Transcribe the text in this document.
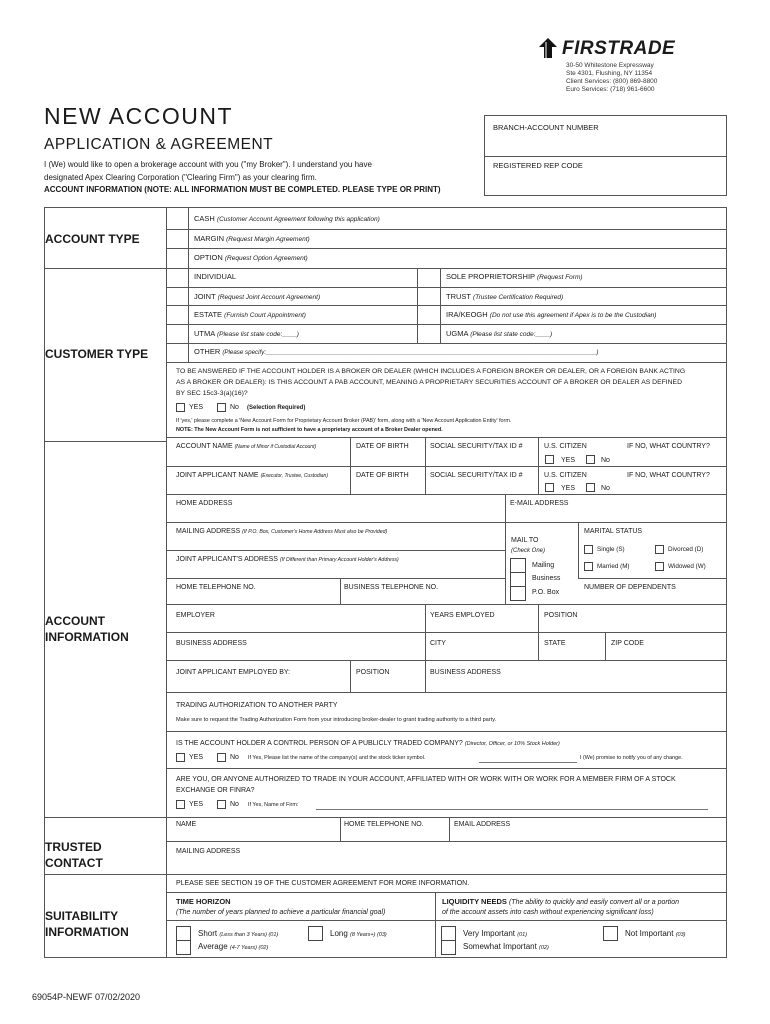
FIRSTRADE
30-50 Whitestone Expressway
Ste 4301, Flushing, NY 11354
Client Services: (800) 869-8800
Euro Services: (718) 961-6600
NEW ACCOUNT
APPLICATION & AGREEMENT
I (We) would like to open a brokerage account with you ("my Broker"). I understand you have
designated Apex Clearing Corporation ("Clearing Firm") as your clearing firm.
ACCOUNT INFORMATION (NOTE: ALL INFORMATION MUST BE COMPLETED. PLEASE TYPE OR PRINT)
BRANCH-ACCOUNT NUMBER
REGISTERED REP CODE
ACCOUNT TYPE
CUSTOMER TYPE
ACCOUNT
INFORMATION
TRUSTED
CONTACT
SUITABILITY
INFORMATION
CASH (Customer Account Agreement following this application)
MARGIN (Request Margin Agreement)
OPTION (Request Option Agreement)
INDIVIDUAL	SOLE PROPRIETORSHIP (Request Form)
JOINT (Request Joint Account Agreement)	TRUST (Trustee Certification Required)
ESTATE (Furnish Court Appointment)	IRA/KEOGH (Do not use this agreement if Apex is to be the Custodian)
UTMA (Please list state code:____)	UGMA (Please list state code:____)
OTHER (Please specify:________________________________________________________________________________________________)
TO BE ANSWERED IF THE ACCOUNT HOLDER IS A BROKER OR DEALER (WHICH INCLUDES A FOREIGN BROKER OR DEALER, OR A FOREIGN BANK ACTING
AS A BROKER OR DEALER): IS THIS ACCOUNT A PAB ACCOUNT, MEANING A PROPRIETARY SECURITIES ACCOUNT OF A BROKER OR DEALER AS DEFINED
BY SEC 15c3-3(a)(16)?
YES	No (Selection Required)
If 'yes,' please complete a 'New Account Form for Proprietary Account Broker (PAB)' form, along with a 'New Account Application Entity' form.
NOTE: The New Account Form is not sufficient to have a proprietary account of a Broker Dealer opened.
ACCOUNT NAME (Name of Minor if Custodial Account)	DATE OF BIRTH	SOCIAL SECURITY/TAX ID #	U.S. CITIZEN	IF NO, WHAT COUNTRY?
YES	No
JOINT APPLICANT NAME (Executor, Trustee, Custodian)	DATE OF BIRTH	SOCIAL SECURITY/TAX ID #	U.S. CITIZEN	IF NO, WHAT COUNTRY?
YES	No
HOME ADDRESS	E-MAIL ADDRESS
MAILING ADDRESS (If P.O. Box, Customer's Home Address Must also be Provided)
JOINT APPLICANT'S ADDRESS (If Different than Primary Account Holder's Address)
HOME TELEPHONE NO.	BUSINESS TELEPHONE NO.
MAIL TO
(Check One)
Mailing
Business
P.O. Box
MARITAL STATUS
Single (S)	Divorced (D)
Married (M)	Widowed (W)
NUMBER OF DEPENDENTS
EMPLOYER	YEARS EMPLOYED	POSITION
BUSINESS ADDRESS	CITY	STATE	ZIP CODE
JOINT APPLICANT EMPLOYED BY:	POSITION	BUSINESS ADDRESS
TRADING AUTHORIZATION TO ANOTHER PARTY
Make sure to request the Trading Authorization Form from your introducing broker-dealer to grant trading authority to a third party.
IS THE ACCOUNT HOLDER A CONTROL PERSON OF A PUBLICLY TRADED COMPANY? (Director, Officer, or 10% Stock Holder)
YES	No If Yes, Please list the name of the company(s) and the stock ticker symbol.	I (We) promise to notify you of any change.
ARE YOU, OR ANYONE AUTHORIZED TO TRADE IN YOUR ACCOUNT, AFFILIATED WITH OR WORK WITH OR WORK FOR A MEMBER FIRM OF A STOCK
EXCHANGE OR FINRA?
YES	No If Yes, Name of Firm:
NAME	HOME TELEPHONE NO.	EMAIL ADDRESS
MAILING ADDRESS
PLEASE SEE SECTION 19 OF THE CUSTOMER AGREEMENT FOR MORE INFORMATION.
TIME HORIZON
(The number of years planned to achieve a particular financial goal)
Short (Less than 3 Years) (01)
Average (4-7 Years) (02)
Long (8 Years+) (03)
LIQUIDITY NEEDS (The ability to quickly and easily convert all or a portion
of the account assets into cash without experiencing significant loss)
Very Important (01)
Somewhat Important (02)
Not Important (03)
69054P-NEWF 07/02/2020
